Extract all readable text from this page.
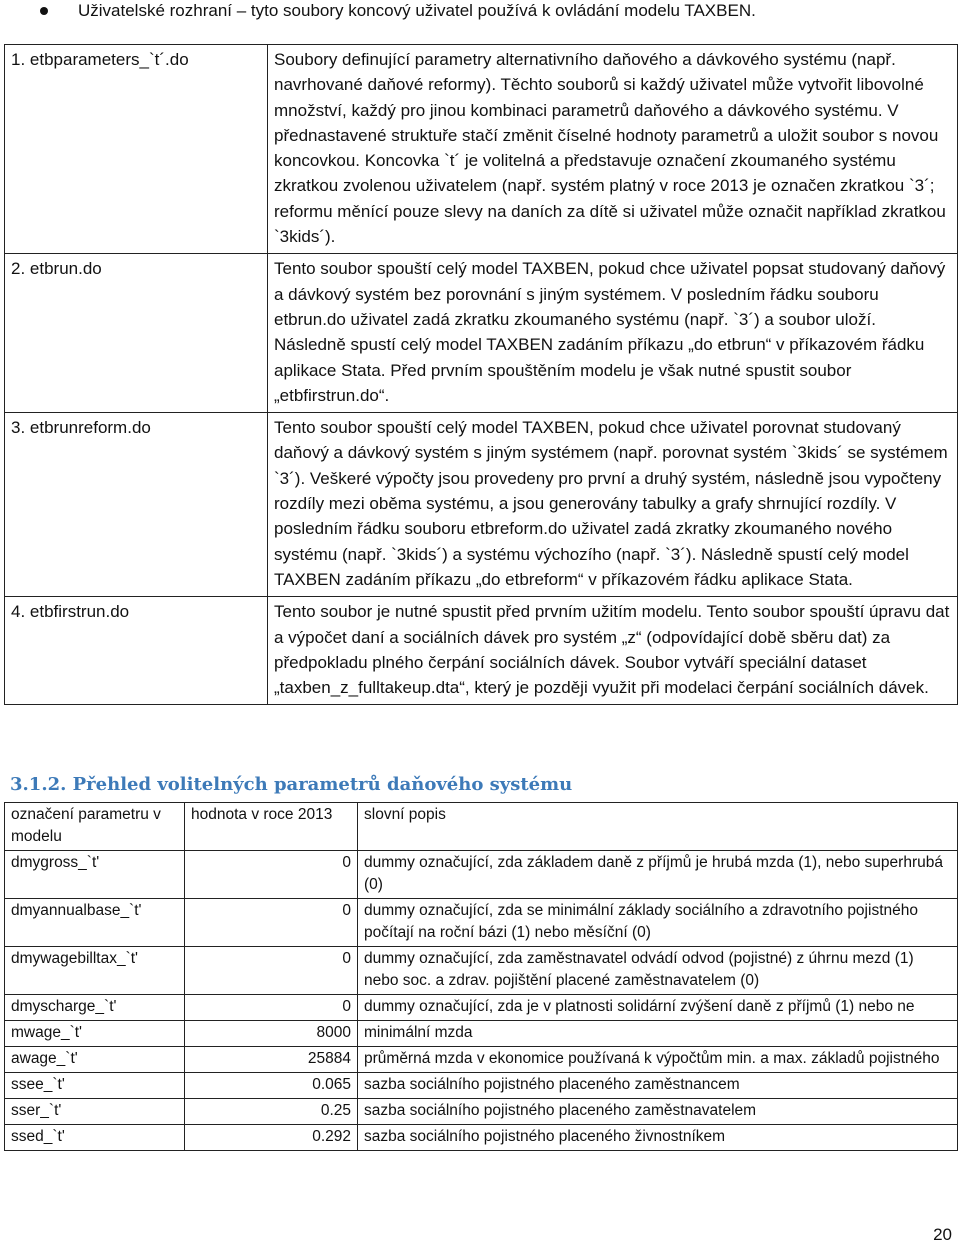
Uživatelské rozhraní – tyto soubory koncový uživatel používá k ovládání modelu TAXBEN.
1. etbparameters_`t´.do	Soubory definující parametry alternativního daňového a dávkového systému (např. navrhované daňové reformy). Těchto souborů si každý uživatel může vytvořit libovolné množství, každý pro jinou kombinaci parametrů daňového a dávkového systému. V přednastavené struktuře stačí změnit číselné hodnoty parametrů a uložit soubor s novou koncovkou. Koncovka `t´ je volitelná a představuje označení zkoumaného systému zkratkou zvolenou uživatelem (např. systém platný v roce 2013 je označen zkratkou `3´; reformu měnící pouze slevy na daních za dítě si uživatel může označit například zkratkou `3kids´).
2. etbrun.do	Tento soubor spouští celý model TAXBEN, pokud chce uživatel popsat studovaný daňový a dávkový systém bez porovnání s jiným systémem. V posledním řádku souboru etbrun.do uživatel zadá zkratku zkoumaného systému (např. `3´) a soubor uloží. Následně spustí celý model TAXBEN zadáním příkazu „do etbrun“ v příkazovém řádku aplikace Stata. Před prvním spouštěním modelu je však nutné spustit soubor „etbfirstrun.do“.
3. etbrunreform.do	Tento soubor spouští celý model TAXBEN, pokud chce uživatel porovnat studovaný daňový a dávkový systém s jiným systémem (např. porovnat systém `3kids´ se systémem `3´). Veškeré výpočty jsou provedeny pro první a druhý systém, následně jsou vypočteny rozdíly mezi oběma systému, a jsou generovány tabulky a grafy shrnující rozdíly. V posledním řádku souboru etbreform.do uživatel zadá zkratky zkoumaného nového systému (např. `3kids´) a systému výchozího (např. `3´). Následně spustí celý model TAXBEN zadáním příkazu „do etbreform“ v příkazovém řádku aplikace Stata.
4. etbfirstrun.do	Tento soubor je nutné spustit před prvním užitím modelu. Tento soubor spouští úpravu dat a výpočet daní a sociálních dávek pro systém „z“ (odpovídající době sběru dat) za předpokladu plného čerpání sociálních dávek. Soubor vytváří speciální dataset „taxben_z_fulltakeup.dta“, který je později využit při modelaci čerpání sociálních dávek.
3.1.2. Přehled volitelných parametrů daňového systému
označení parametru v modelu	hodnota v roce 2013	slovní popis
dmygross_`t'	0	dummy označující, zda základem daně z příjmů je hrubá mzda (1), nebo superhrubá (0)
dmyannualbase_`t'	0	dummy označující, zda se minimální základy sociálního a zdravotního pojistného počítají na roční bázi (1) nebo měsíční (0)
dmywagebilltax_`t'	0	dummy označující, zda zaměstnavatel odvádí odvod (pojistné) z úhrnu mezd (1) nebo soc. a zdrav. pojištění placené zaměstnavatelem (0)
dmyscharge_`t'	0	dummy označující, zda je v platnosti solidární zvýšení daně z příjmů (1) nebo ne
mwage_`t'	8000	minimální mzda
awage_`t'	25884	průměrná mzda v ekonomice používaná k výpočtům min. a max. základů pojistného
ssee_`t'	0.065	sazba sociálního pojistného placeného zaměstnancem
sser_`t'	0.25	sazba sociálního pojistného placeného zaměstnavatelem
ssed_`t'	0.292	sazba sociálního pojistného placeného živnostníkem
20
